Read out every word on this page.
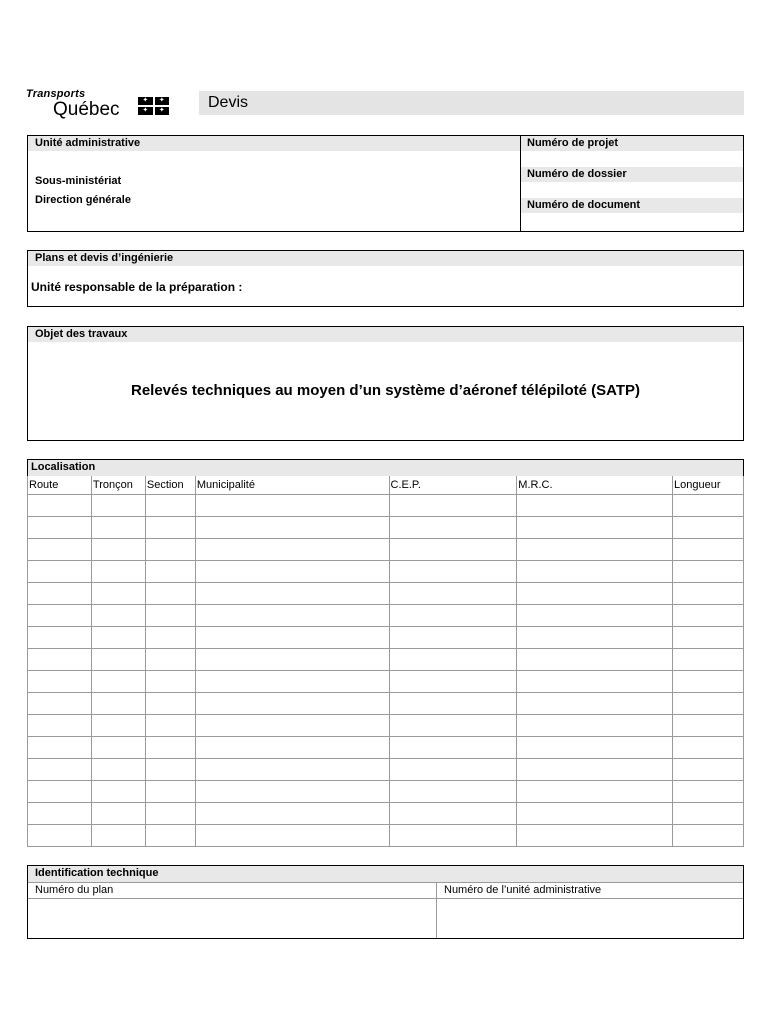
Transports
Québec	✦	✦
✦	✦	Devis
Unité administrative
Sous-ministériat
Direction générale
Numéro de projet
Numéro de dossier
Numéro de document
Plans et devis d’ingénierie
Unité responsable de la préparation :
Objet des travaux
Relevés techniques au moyen d’un système d’aéronef télépiloté (SATP)
Localisation
Route	Tronçon	Section	Municipalité	C.E.P.	M.R.C.	Longueur

Identification technique
Numéro du plan	Numéro de l’unité administrative
